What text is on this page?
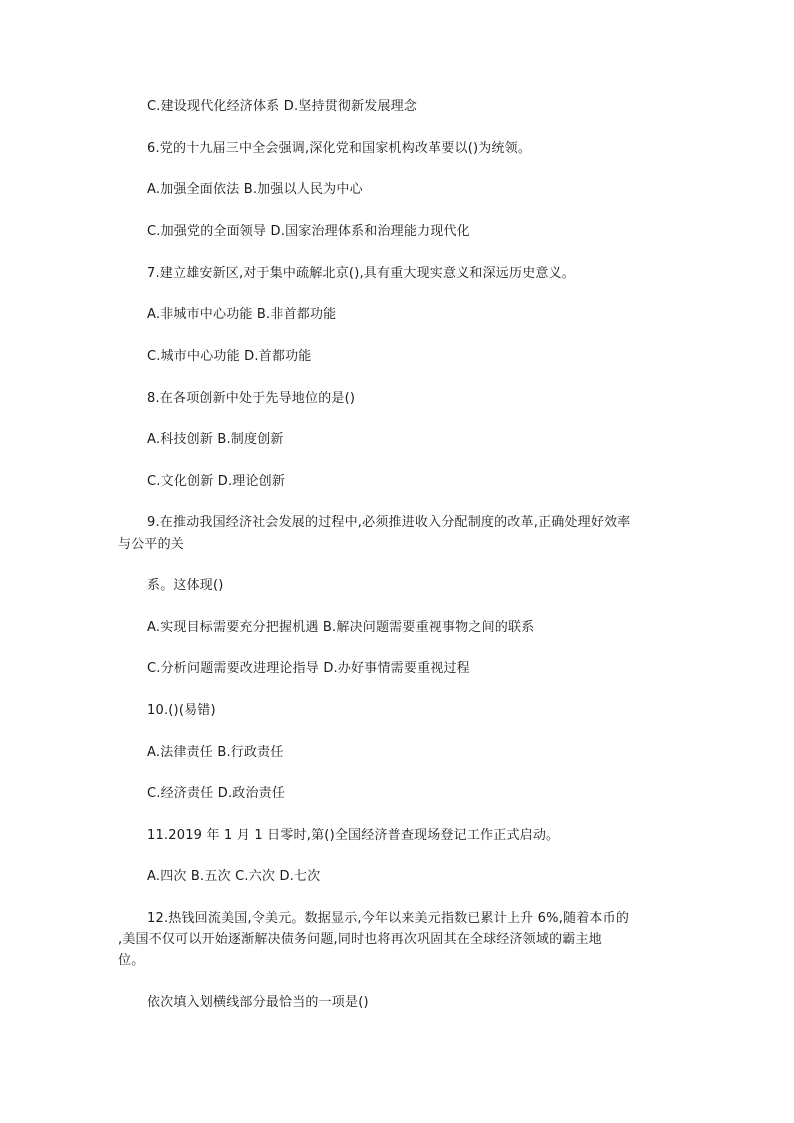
C.建设现代化经济体系 D.坚持贯彻新发展理念
6.党的十九届三中全会强调,深化党和国家机构改革要以()为统领。
A.加强全面依法 B.加强以人民为中心
C.加强党的全面领导 D.国家治理体系和治理能力现代化
7.建立雄安新区,对于集中疏解北京(),具有重大现实意义和深远历史意义。
A.非城市中心功能 B.非首都功能
C.城市中心功能 D.首都功能
8.在各项创新中处于先导地位的是()
A.科技创新 B.制度创新
C.文化创新 D.理论创新
9.在推动我国经济社会发展的过程中,必须推进收入分配制度的改革,正确处理好效率
与公平的关
系。这体现()
A.实现目标需要充分把握机遇 B.解决问题需要重视事物之间的联系
C.分析问题需要改进理论指导 D.办好事情需要重视过程
10.()(易错)
A.法律责任 B.行政责任
C.经济责任 D.政治责任
11.2019 年 1 月 1 日零时,第()全国经济普查现场登记工作正式启动。
A.四次 B.五次 C.六次 D.七次
12.热钱回流美国,令美元。数据显示,今年以来美元指数已累计上升 6%,随着本币的
,美国不仅可以开始逐渐解决债务问题,同时也将再次巩固其在全球经济领域的霸主地
位。
依次填入划横线部分最恰当的一项是()
